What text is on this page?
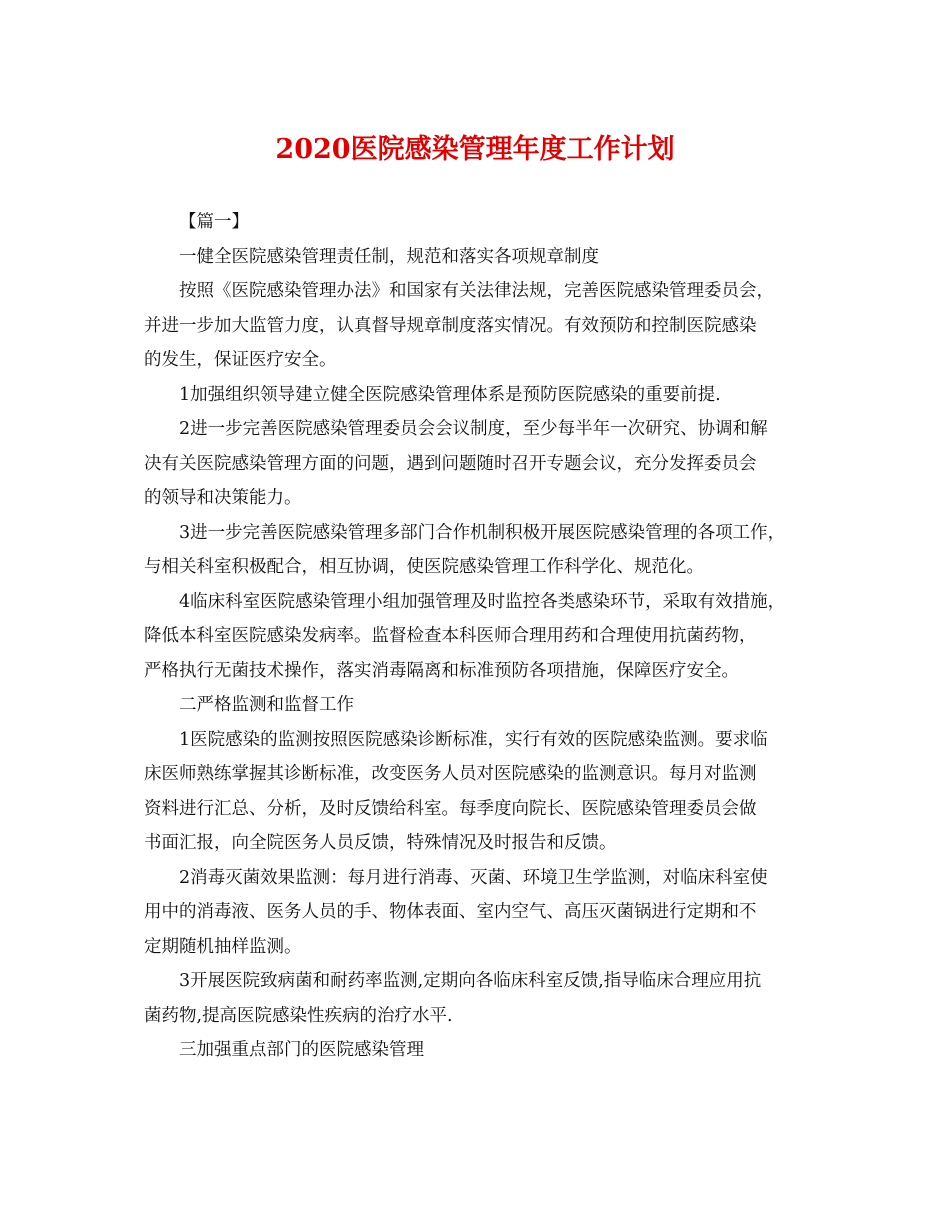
2020医院感染管理年度工作计划
【篇一】
一健全医院感染管理责任制，规范和落实各项规章制度
按照《医院感染管理办法》和国家有关法律法规，完善医院感染管理委员会，
并进一步加大监管力度，认真督导规章制度落实情况。有效预防和控制医院感染
的发生，保证医疗安全。
1加强组织领导建立健全医院感染管理体系是预防医院感染的重要前提.
2进一步完善医院感染管理委员会会议制度，至少每半年一次研究、协调和解
决有关医院感染管理方面的问题，遇到问题随时召开专题会议，充分发挥委员会
的领导和决策能力。
3进一步完善医院感染管理多部门合作机制积极开展医院感染管理的各项工作，
与相关科室积极配合，相互协调，使医院感染管理工作科学化、规范化。
4临床科室医院感染管理小组加强管理及时监控各类感染环节，采取有效措施，
降低本科室医院感染发病率。监督检查本科医师合理用药和合理使用抗菌药物，
严格执行无菌技术操作，落实消毒隔离和标准预防各项措施，保障医疗安全。
二严格监测和监督工作
1医院感染的监测按照医院感染诊断标准，实行有效的医院感染监测。要求临
床医师熟练掌握其诊断标准，改变医务人员对医院感染的监测意识。每月对监测
资料进行汇总、分析，及时反馈给科室。每季度向院长、医院感染管理委员会做
书面汇报，向全院医务人员反馈，特殊情况及时报告和反馈。
2消毒灭菌效果监测：每月进行消毒、灭菌、环境卫生学监测，对临床科室使
用中的消毒液、医务人员的手、物体表面、室内空气、高压灭菌锅进行定期和不
定期随机抽样监测。
3开展医院致病菌和耐药率监测,定期向各临床科室反馈,指导临床合理应用抗
菌药物,提高医院感染性疾病的治疗水平.
三加强重点部门的医院感染管理
